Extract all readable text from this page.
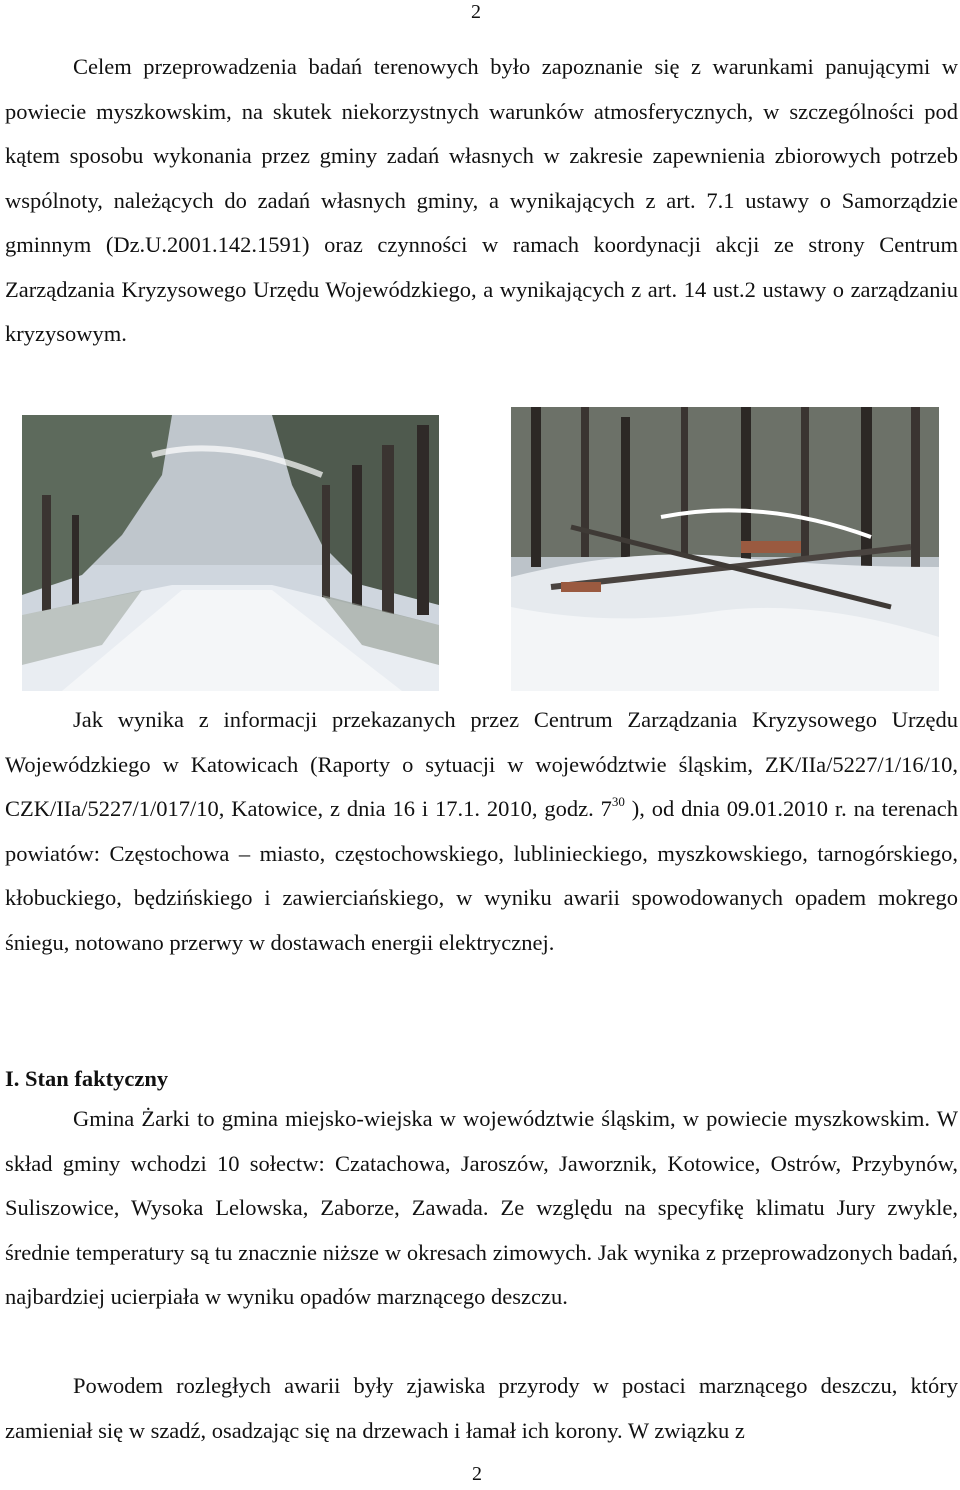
2

Celem przeprowadzenia badań terenowych było zapoznanie się z warunkami panującymi w powiecie myszkowskim, na skutek niekorzystnych warunków atmosferycznych, w szczególności pod kątem sposobu wykonania przez gminy zadań własnych w zakresie zapewnienia zbiorowych potrzeb wspólnoty, należących do zadań własnych gminy, a wynikających z art. 7.1 ustawy o Samorządzie gminnym (Dz.U.2001.142.1591) oraz czynności w ramach koordynacji akcji ze strony Centrum Zarządzania Kryzysowego Urzędu Wojewódzkiego, a wynikających z art. 14 ust.2 ustawy o zarządzaniu kryzysowym.

Jak wynika z informacji przekazanych przez Centrum Zarządzania Kryzysowego Urzędu Wojewódzkiego w Katowicach (Raporty o sytuacji w województwie śląskim, ZK/IIa/5227/1/16/10, CZK/IIa/5227/1/017/10, Katowice, z dnia 16 i 17.1. 2010, godz. $7^{30}$ ), od dnia 09.01.2010 r. na terenach powiatów: Częstochowa – miasto, częstochowskiego, lublinieckiego, myszkowskiego, tarnogórskiego, kłobuckiego, będzińskiego i zawierciańskiego, w wyniku awarii spowodowanych opadem mokrego śniegu, notowano przerwy w dostawach energii elektrycznej.

I. Stan faktyczny

Gmina Żarki to gmina miejsko-wiejska w województwie śląskim, w powiecie myszkowskim. W skład gminy wchodzi 10 sołectw: Czatachowa, Jaroszów, Jaworznik, Kotowice, Ostrów, Przybynów, Suliszowice, Wysoka Lelowska, Zaborze, Zawada. Ze względu na specyfikę klimatu Jury zwykle, średnie temperatury są tu znacznie niższe w okresach zimowych. Jak wynika z przeprowadzonych badań, najbardziej ucierpiała w wyniku opadów marznącego deszczu.

Powodem rozległych awarii były zjawiska przyrody w postaci marznącego deszczu, który zamieniał się w szadź, osadzając się na drzewach i łamał ich korony. W związku z

2
